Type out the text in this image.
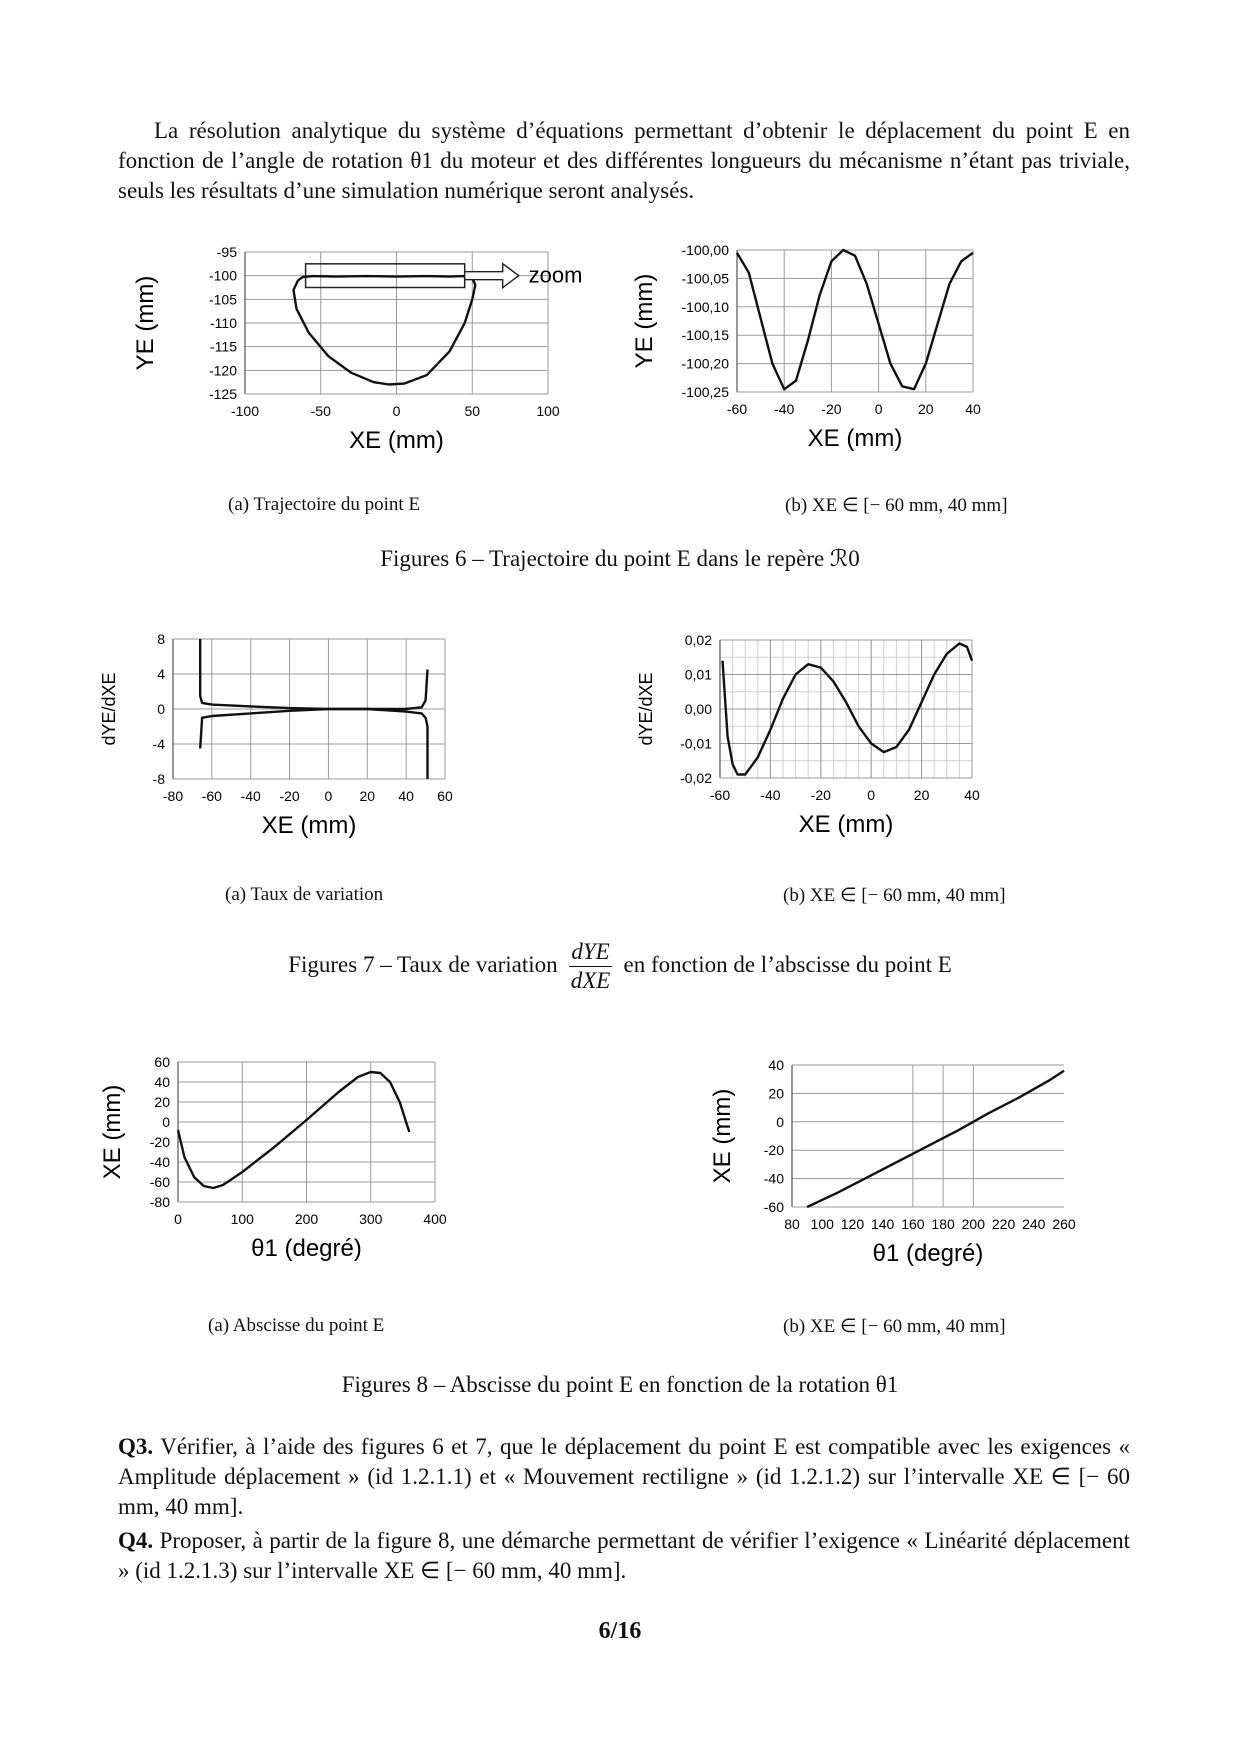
La résolution analytique du système d’équations permettant d’obtenir le déplacement du point E en fonction de l’angle de rotation θ1 du moteur et des différentes longueurs du mécanisme n’étant pas triviale, seuls les résultats d’une simulation numérique seront analysés.
-100	-50	0	50	100
-95
-100
-105
-110
-115
-120
-125
XE (mm)
YE (mm)
zoom
(a) Trajectoire du point E
-60 -40 -20 0	20 40
-100,00
-100,05
-100,10
-100,15
-100,20
-100,25
XE (mm)
YE (mm)
(b) XE ∈ [− 60 mm, 40 mm]
Figures 6 – Trajectoire du point E dans le repère ℛ0
-80 -60 -40 -20 0 20 40 60
8
4
0
-4
-8
XE (mm)
dYE/dXE
(a) Taux de variation
-60 -40 -20	0	20 40
0,02
0,01
0,00
-0,01
-0,02
XE (mm)
dYE/dXE
(b) XE ∈ [− 60 mm, 40 mm]
Figures 7 – Taux de variation $\frac{\text{dYE}}{\text{dXE}}$ en fonction de l’abscisse du point E
0	100	200	300	400
60
40
20
0
-20
-40
-60
-80
θ1 (degré)
XE (mm)
(a) Abscisse du point E
80 100 120 140 160 180 200 220 240 260
40
20
0
-20
-40
-60
θ1 (degré)
XE (mm)
(b) XE ∈ [− 60 mm, 40 mm]
Figures 8 – Abscisse du point E en fonction de la rotation θ1
Q3. Vérifier, à l’aide des figures 6 et 7, que le déplacement du point E est compatible avec les exigences « Amplitude déplacement » (id 1.2.1.1) et « Mouvement rectiligne » (id 1.2.1.2) sur l’intervalle XE ∈ [− 60 mm, 40 mm].
Q4. Proposer, à partir de la figure 8, une démarche permettant de vérifier l’exigence « Linéarité déplacement » (id 1.2.1.3) sur l’intervalle XE ∈ [− 60 mm, 40 mm].
6/16
